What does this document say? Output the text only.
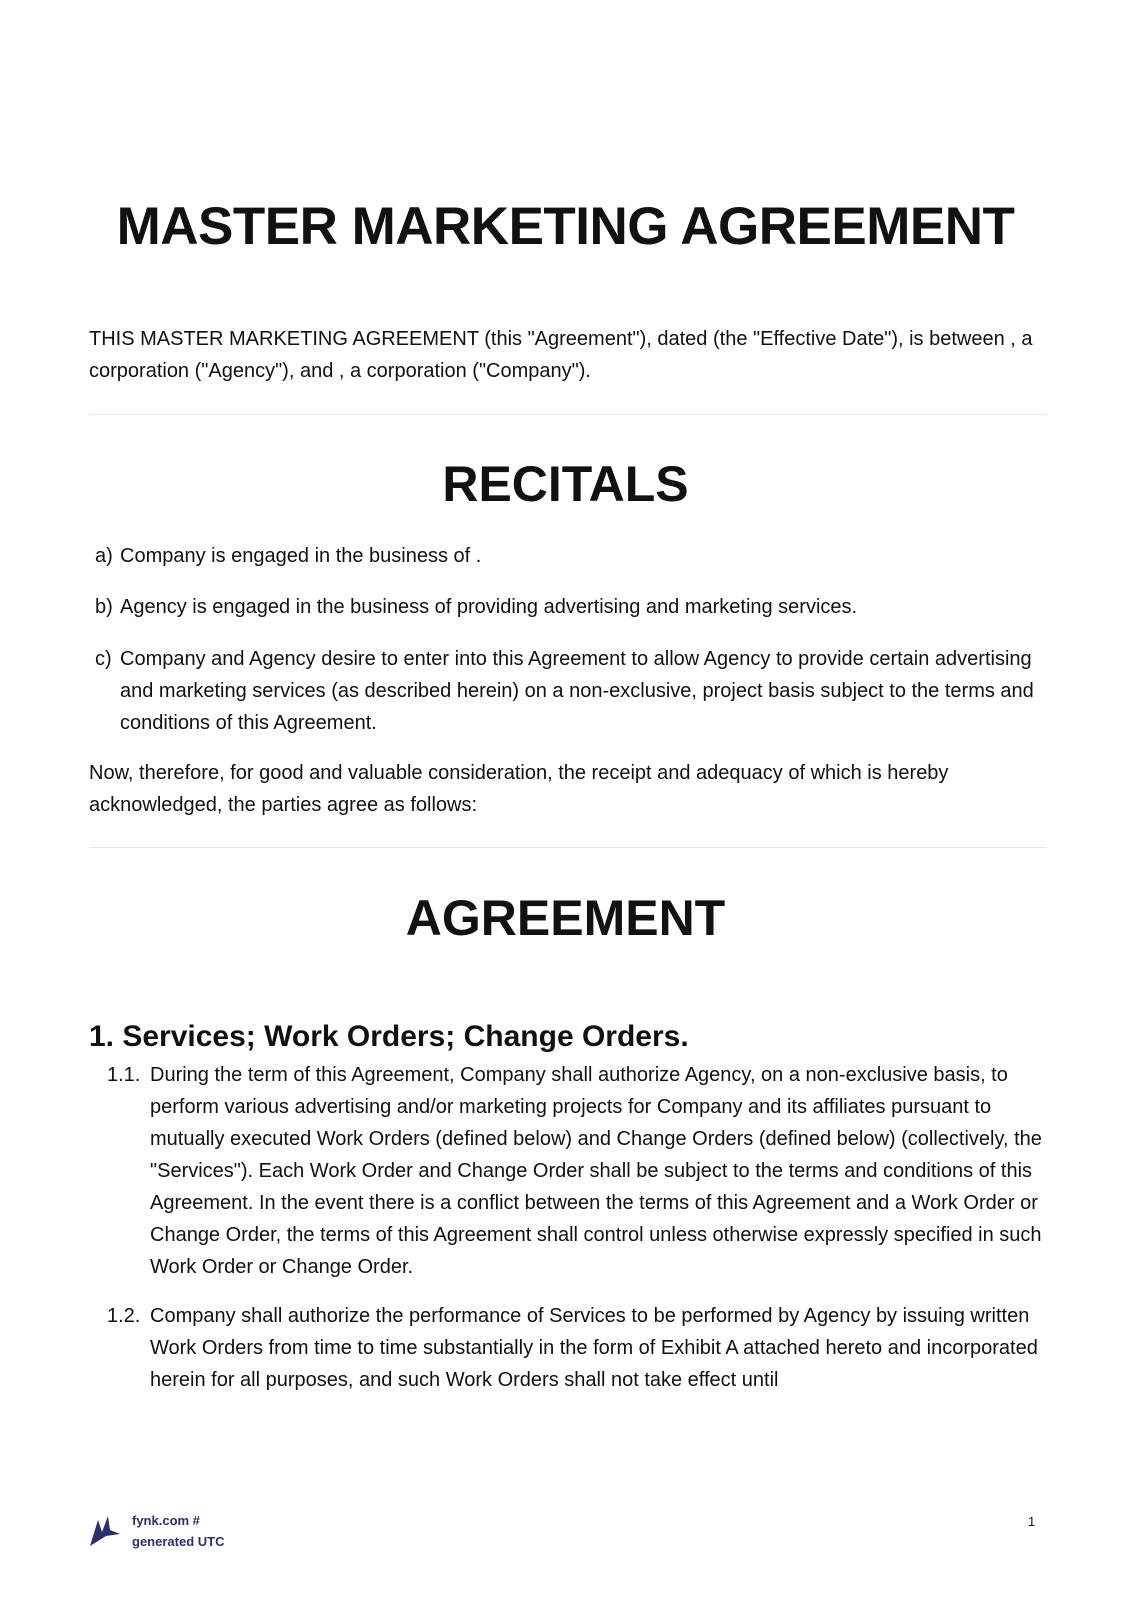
MASTER MARKETING AGREEMENT

THIS MASTER MARKETING AGREEMENT (this "Agreement"), dated (the "Effective Date"), is between , a corporation ("Agency"), and , a corporation ("Company").

RECITALS
a) Company is engaged in the business of .
b) Agency is engaged in the business of providing advertising and marketing services.
c) Company and Agency desire to enter into this Agreement to allow Agency to provide certain advertising and marketing services (as described herein) on a non-exclusive, project basis subject to the terms and conditions of this Agreement.

Now, therefore, for good and valuable consideration, the receipt and adequacy of which is hereby acknowledged, the parties agree as follows:

AGREEMENT
1. Services; Work Orders; Change Orders.
1.1. During the term of this Agreement, Company shall authorize Agency, on a non-exclusive basis, to perform various advertising and/or marketing projects for Company and its affiliates pursuant to mutually executed Work Orders (defined below) and Change Orders (defined below) (collectively, the "Services"). Each Work Order and Change Order shall be subject to the terms and conditions of this Agreement. In the event there is a conflict between the terms of this Agreement and a Work Order or Change Order, the terms of this Agreement shall control unless otherwise expressly specified in such Work Order or Change Order.
1.2. Company shall authorize the performance of Services to be performed by Agency by issuing written Work Orders from time to time substantially in the form of Exhibit A attached hereto and incorporated herein for all purposes, and such Work Orders shall not take effect until
fynk.com #
generated UTC
1
